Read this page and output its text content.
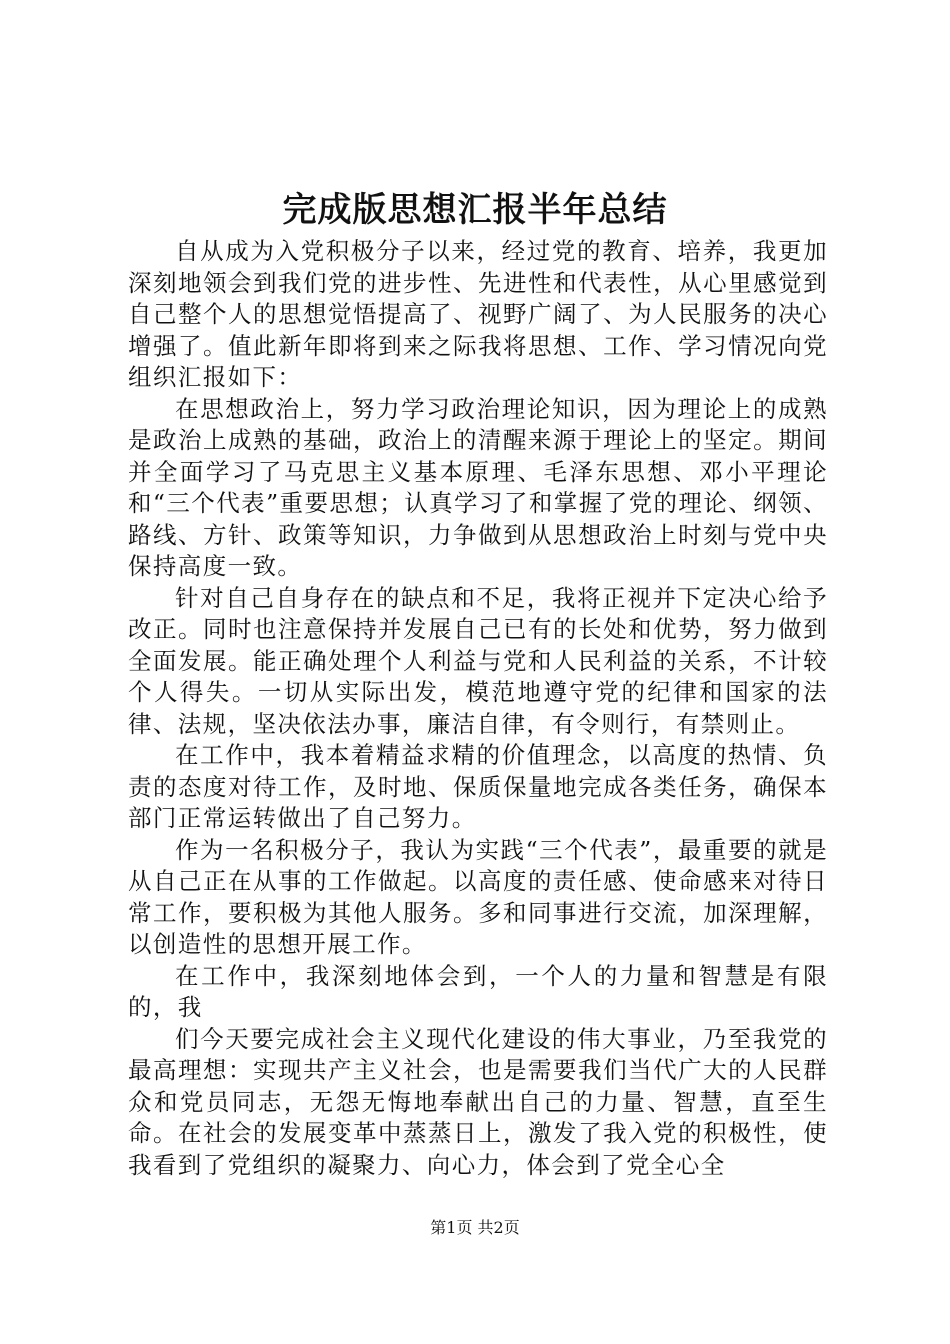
完成版思想汇报半年总结

自从成为入党积极分子以来，经过党的教育、培养，我更加深刻地领会到我们党的进步性、先进性和代表性，从心里感觉到自己整个人的思想觉悟提高了、视野广阔了、为人民服务的决心增强了。值此新年即将到来之际我将思想、工作、学习情况向党组织汇报如下：

在思想政治上，努力学习政治理论知识，因为理论上的成熟是政治上成熟的基础，政治上的清醒来源于理论上的坚定。期间并全面学习了马克思主义基本原理、毛泽东思想、邓小平理论和“三个代表”重要思想；认真学习了和掌握了党的理论、纲领、路线、方针、政策等知识，力争做到从思想政治上时刻与党中央保持高度一致。

针对自己自身存在的缺点和不足，我将正视并下定决心给予改正。同时也注意保持并发展自己已有的长处和优势，努力做到全面发展。能正确处理个人利益与党和人民利益的关系，不计较个人得失。一切从实际出发，模范地遵守党的纪律和国家的法律、法规，坚决依法办事，廉洁自律，有令则行，有禁则止。

在工作中，我本着精益求精的价值理念，以高度的热情、负责的态度对待工作，及时地、保质保量地完成各类任务，确保本部门正常运转做出了自己努力。

作为一名积极分子，我认为实践“三个代表”，最重要的就是从自己正在从事的工作做起。以高度的责任感、使命感来对待日常工作，要积极为其他人服务。多和同事进行交流，加深理解，以创造性的思想开展工作。

在工作中，我深刻地体会到，一个人的力量和智慧是有限的，我

们今天要完成社会主义现代化建设的伟大事业，乃至我党的最高理想：实现共产主义社会，也是需要我们当代广大的人民群众和党员同志，无怨无悔地奉献出自己的力量、智慧，直至生命。在社会的发展变革中蒸蒸日上，激发了我入党的积极性，使我看到了党组织的凝聚力、向心力，体会到了党全心全

第1页 共2页
